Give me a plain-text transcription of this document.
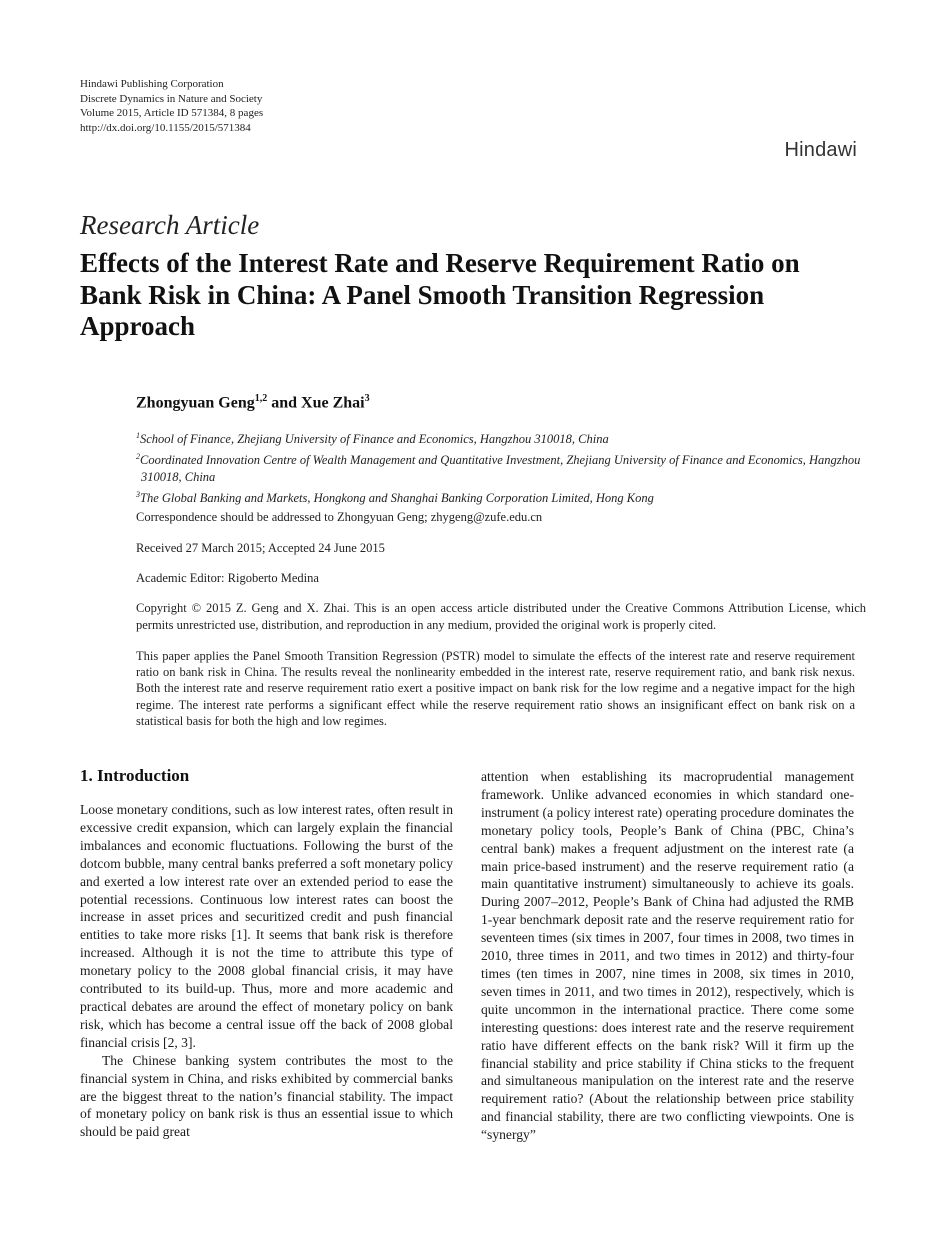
Hindawi Publishing Corporation
Discrete Dynamics in Nature and Society
Volume 2015, Article ID 571384, 8 pages
http://dx.doi.org/10.1155/2015/571384
Hindawi
Research Article
Effects of the Interest Rate and Reserve Requirement Ratio on Bank Risk in China: A Panel Smooth Transition Regression Approach
Zhongyuan Geng$^{1,2}$ and Xue Zhai$^3$
$^1$School of Finance, Zhejiang University of Finance and Economics, Hangzhou 310018, China
$^2$Coordinated Innovation Centre of Wealth Management and Quantitative Investment, Zhejiang University of Finance and Economics, Hangzhou 310018, China
$^3$The Global Banking and Markets, Hongkong and Shanghai Banking Corporation Limited, Hong Kong
Correspondence should be addressed to Zhongyuan Geng; zhygeng@zufe.edu.cn
Received 27 March 2015; Accepted 24 June 2015
Academic Editor: Rigoberto Medina
Copyright © 2015 Z. Geng and X. Zhai. This is an open access article distributed under the Creative Commons Attribution License, which permits unrestricted use, distribution, and reproduction in any medium, provided the original work is properly cited.

This paper applies the Panel Smooth Transition Regression (PSTR) model to simulate the effects of the interest rate and reserve requirement ratio on bank risk in China. The results reveal the nonlinearity embedded in the interest rate, reserve requirement ratio, and bank risk nexus. Both the interest rate and reserve requirement ratio exert a positive impact on bank risk for the low regime and a negative impact for the high regime. The interest rate performs a significant effect while the reserve requirement ratio shows an insignificant effect on bank risk on a statistical basis for both the high and low regimes.

1. Introduction

Loose monetary conditions, such as low interest rates, often result in excessive credit expansion, which can largely explain the financial imbalances and economic fluctuations. Following the burst of the dotcom bubble, many central banks preferred a soft monetary policy and exerted a low interest rate over an extended period to ease the potential recessions. Continuous low interest rates can boost the increase in asset prices and securitized credit and push financial entities to take more risks [1]. It seems that bank risk is therefore increased. Although it is not the time to attribute this type of monetary policy to the 2008 global financial crisis, it may have contributed to its build-up. Thus, more and more academic and practical debates are around the effect of monetary policy on bank risk, which has become a central issue off the back of 2008 global financial crisis [2, 3].

The Chinese banking system contributes the most to the financial system in China, and risks exhibited by commercial banks are the biggest threat to the nation’s financial stability. The impact of monetary policy on bank risk is thus an essential issue to which should be paid great

attention when establishing its macroprudential management framework. Unlike advanced economies in which standard one-instrument (a policy interest rate) operating procedure dominates the monetary policy tools, People’s Bank of China (PBC, China’s central bank) makes a frequent adjustment on the interest rate (a main price-based instrument) and the reserve requirement ratio (a main quantitative instrument) simultaneously to achieve its goals. During 2007–2012, People’s Bank of China had adjusted the RMB 1-year benchmark deposit rate and the reserve requirement ratio for seventeen times (six times in 2007, four times in 2008, two times in 2010, three times in 2011, and two times in 2012) and thirty-four times (ten times in 2007, nine times in 2008, six times in 2010, seven times in 2011, and two times in 2012), respectively, which is quite uncommon in the international practice. There come some interesting questions: does interest rate and the reserve requirement ratio have different effects on the bank risk? Will it firm up the financial stability and price stability if China sticks to the frequent and simultaneous manipulation on the interest rate and the reserve requirement ratio? (About the relationship between price stability and financial stability, there are two conflicting viewpoints. One is “synergy”
